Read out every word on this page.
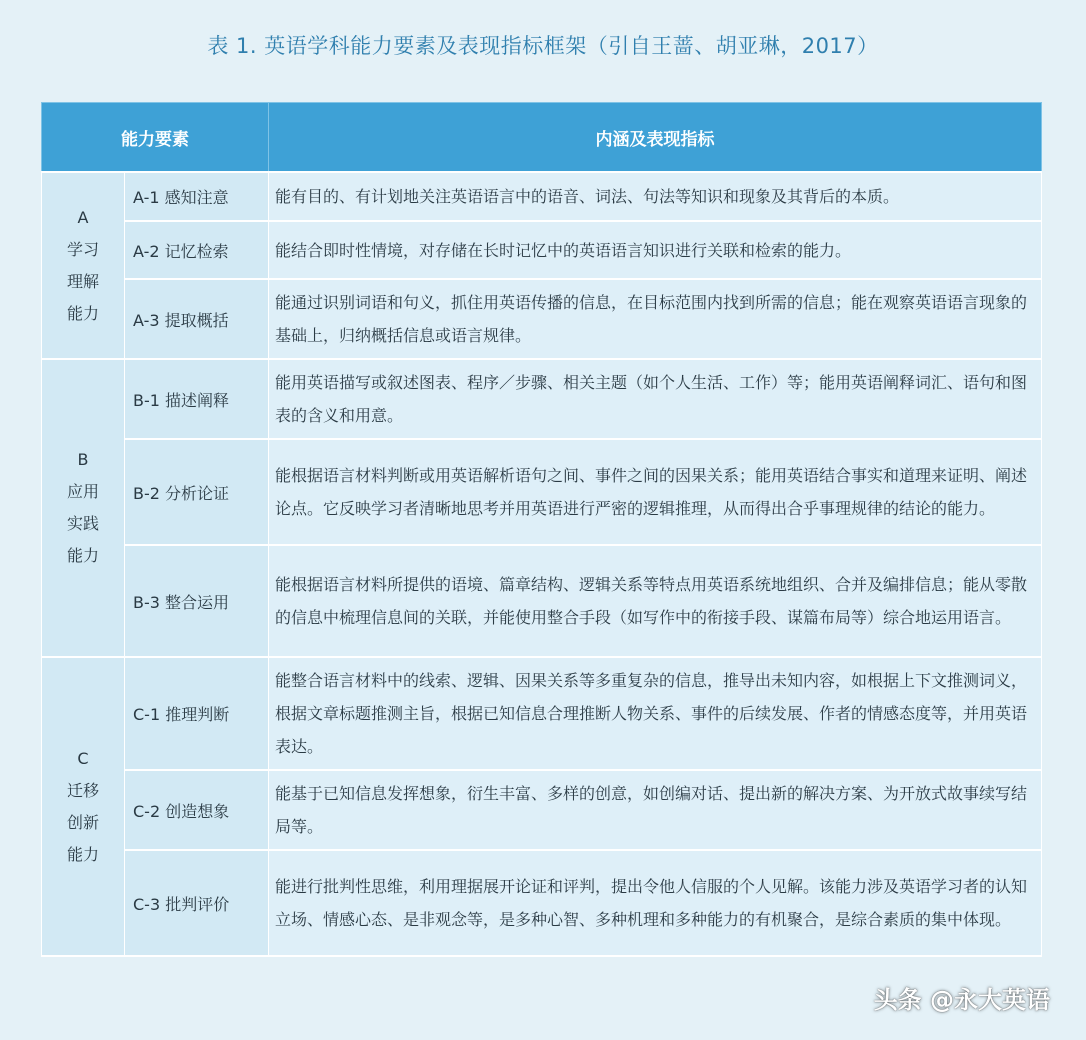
表 1. 英语学科能力要素及表现指标框架（引自王蔷、胡亚琳，2017）
能力要素		内涵及表现指标

A
学习
理解
能力	A-1 感知注意	能有目的、有计划地关注英语语言中的语音、词法、句法等知识和现象及其背后的本质。
	A-2 记忆检索	能结合即时性情境，对存储在长时记忆中的英语语言知识进行关联和检索的能力。
	A-3 提取概括	能通过识别词语和句义，抓住用英语传播的信息，在目标范围内找到所需的信息；能在观察英语语言现象的基础上，归纳概括信息或语言规律。

B
应用
实践
能力	B-1 描述阐释	能用英语描写或叙述图表、程序／步骤、相关主题（如个人生活、工作）等；能用英语阐释词汇、语句和图表的含义和用意。
	B-2 分析论证	能根据语言材料判断或用英语解析语句之间、事件之间的因果关系；能用英语结合事实和道理来证明、阐述论点。它反映学习者清晰地思考并用英语进行严密的逻辑推理，从而得出合乎事理规律的结论的能力。
	B-3 整合运用	能根据语言材料所提供的语境、篇章结构、逻辑关系等特点用英语系统地组织、合并及编排信息；能从零散的信息中梳理信息间的关联，并能使用整合手段（如写作中的衔接手段、谋篇布局等）综合地运用语言。

C
迁移
创新
能力	C-1 推理判断	能整合语言材料中的线索、逻辑、因果关系等多重复杂的信息，推导出未知内容，如根据上下文推测词义，根据文章标题推测主旨，根据已知信息合理推断人物关系、事件的后续发展、作者的情感态度等，并用英语表达。
	C-2 创造想象	能基于已知信息发挥想象，衍生丰富、多样的创意，如创编对话、提出新的解决方案、为开放式故事续写结局等。
	C-3 批判评价	能进行批判性思维，利用理据展开论证和评判，提出令他人信服的个人见解。该能力涉及英语学习者的认知立场、情感心态、是非观念等，是多种心智、多种机理和多种能力的有机聚合，是综合素质的集中体现。
头条 @永大英语
